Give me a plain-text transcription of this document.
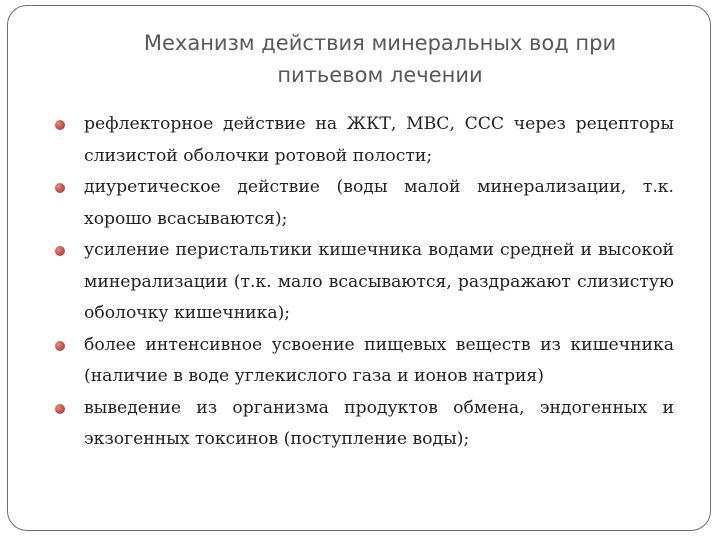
Механизм действия минеральных вод при
питьевом лечении
рефлекторное действие на ЖКТ, МВС, ССС через рецепторы слизистой оболочки ротовой полости;
диуретическое действие (воды малой минерализации, т.к. хорошо всасываются);
усиление перистальтики кишечника водами средней и высокой минерализации (т.к. мало всасываются, раздражают слизистую оболочку кишечника);
более интенсивное усвоение пищевых веществ из кишечника (наличие в воде углекислого газа и ионов натрия)
выведение из организма продуктов обмена, эндогенных и экзогенных токсинов (поступление воды);
